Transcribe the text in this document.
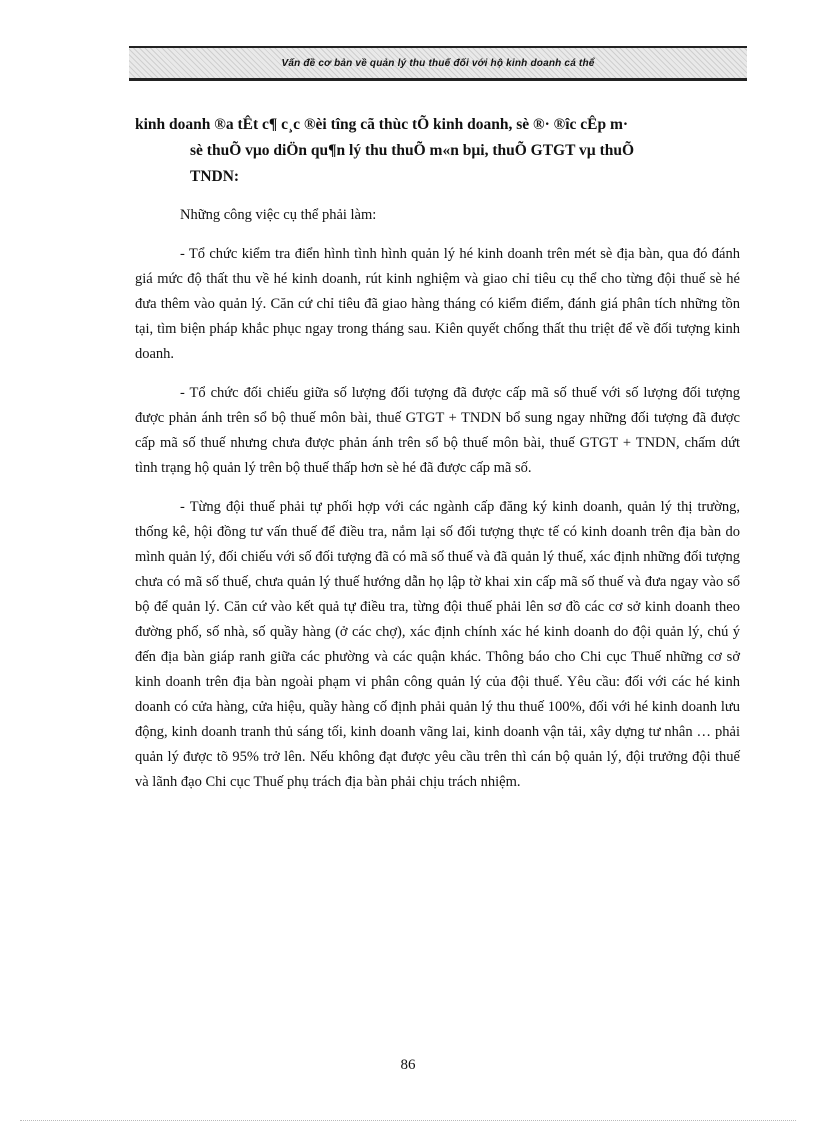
Vấn đề cơ bản về quản lý thu thuế đối với hộ kinh doanh cá thể
kinh doanh ®a tÊt c¶ c¸c ®èi tîng cã thùc tÕ kinh doanh, sè ®· ®îc cÊp m·
sè thuÕ vµo diÖn qu¶n lý thu thuÕ m«n bµi, thuÕ GTGT vµ thuÕ
TNDN:

Những công việc cụ thể phải làm:

- Tổ chức kiểm tra điển hình tình hình quản lý hé kinh doanh trên mét sè địa bàn, qua đó đánh giá mức độ thất thu về hé kinh doanh, rút kinh nghiệm và giao chỉ tiêu cụ thể cho từng đội thuế sè hé đưa thêm vào quản lý. Căn cứ chỉ tiêu đã giao hàng tháng có kiểm điểm, đánh giá phân tích những tồn tại, tìm biện pháp khắc phục ngay trong tháng sau. Kiên quyết chống thất thu triệt để về đối tượng kinh doanh.

- Tổ chức đối chiếu giữa số lượng đối tượng đã được cấp mã số thuế với số lượng đối tượng được phản ánh trên sổ bộ thuế môn bài, thuế GTGT + TNDN bổ sung ngay những đối tượng đã được cấp mã số thuế nhưng chưa được phản ánh trên sổ bộ thuế môn bài, thuế GTGT + TNDN, chấm dứt tình trạng hộ quản lý trên bộ thuế thấp hơn sè hé đã được cấp mã số.

- Từng đội thuế phải tự phối hợp với các ngành cấp đăng ký kinh doanh, quản lý thị trường, thống kê, hội đồng tư vấn thuế để điều tra, nắm lại số đối tượng thực tế có kinh doanh trên địa bàn do mình quản lý, đối chiếu với số đối tượng đã có mã số thuế và đã quản lý thuế, xác định những đối tượng chưa có mã số thuế, chưa quản lý thuế hướng dẫn họ lập tờ khai xin cấp mã số thuế và đưa ngay vào sổ bộ để quản lý. Căn cứ vào kết quả tự điều tra, từng đội thuế phải lên sơ đồ các cơ sở kinh doanh theo đường phố, số nhà, số quầy hàng (ở các chợ), xác định chính xác hé kinh doanh do đội quản lý, chú ý đến địa bàn giáp ranh giữa các phường và các quận khác. Thông báo cho Chi cục Thuế những cơ sở kinh doanh trên địa bàn ngoài phạm vi phân công quản lý của đội thuế. Yêu cầu: đối với các hé kinh doanh có cửa hàng, cửa hiệu, quầy hàng cố định phải quản lý thu thuế 100%, đối với hé kinh doanh lưu động, kinh doanh tranh thủ sáng tối, kinh doanh vãng lai, kinh doanh vận tải, xây dựng tư nhân … phải quản lý được tõ 95% trở lên. Nếu không đạt được yêu cầu trên thì cán bộ quản lý, đội trưởng đội thuế và lãnh đạo Chi cục Thuế phụ trách địa bàn phải chịu trách nhiệm.

86
